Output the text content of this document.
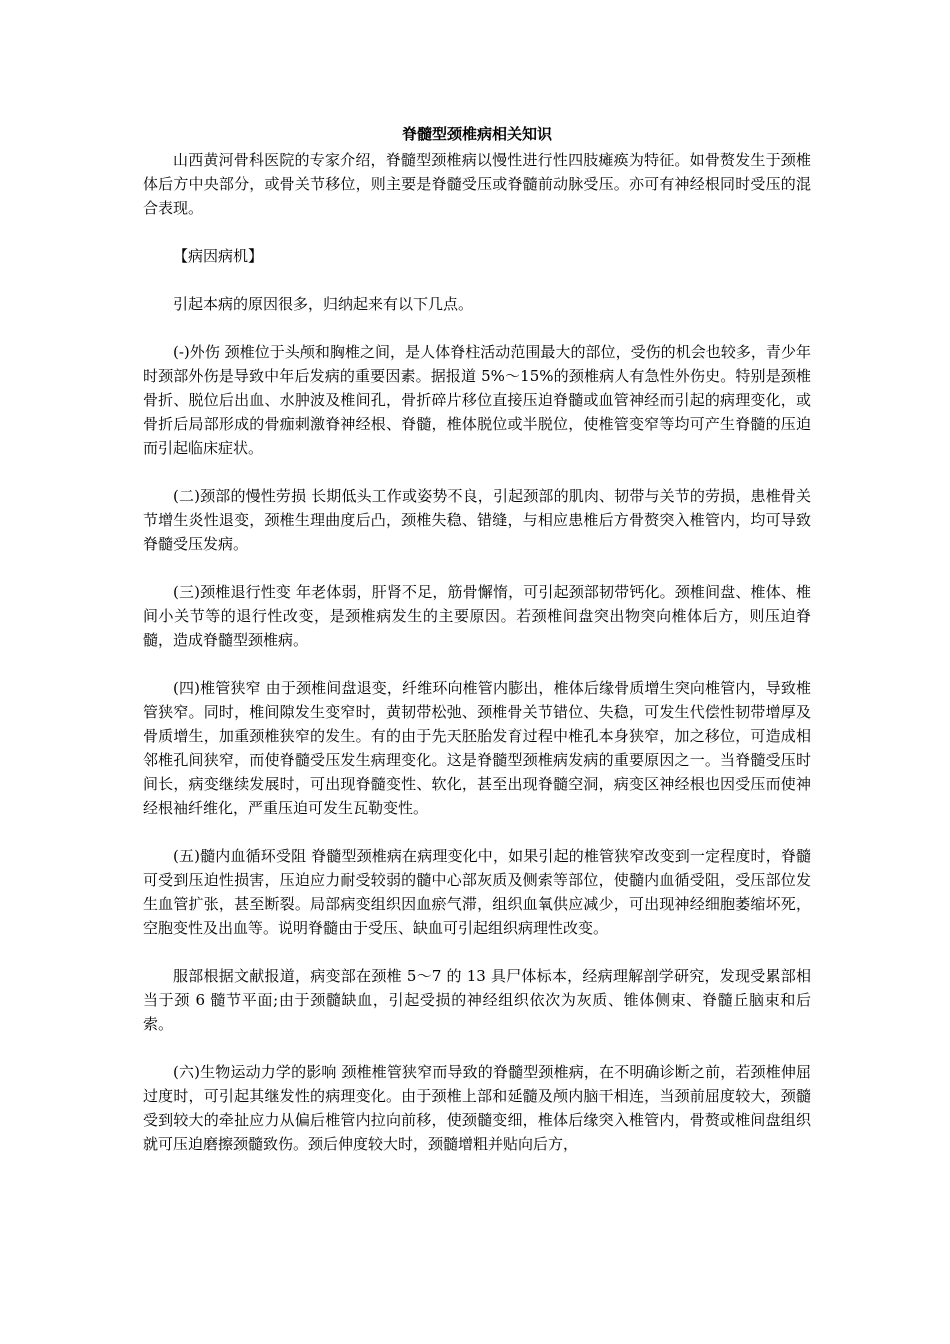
脊髓型颈椎病相关知识

山西黄河骨科医院的专家介绍，脊髓型颈椎病以慢性进行性四肢瘫痪为特征。如骨赘发生于颈椎体后方中央部分，或骨关节移位，则主要是脊髓受压或脊髓前动脉受压。亦可有神经根同时受压的混合表现。

【病因病机】

引起本病的原因很多，归纳起来有以下几点。

(-)外伤 颈椎位于头颅和胸椎之间，是人体脊柱活动范围最大的部位，受伤的机会也较多，青少年时颈部外伤是导致中年后发病的重要因素。据报道 5%～15%的颈椎病人有急性外伤史。特别是颈椎骨折、脱位后出血、水肿波及椎间孔，骨折碎片移位直接压迫脊髓或血管神经而引起的病理变化，或骨折后局部形成的骨痂刺激脊神经根、脊髓，椎体脱位或半脱位，使椎管变窄等均可产生脊髓的压迫而引起临床症状。

(二)颈部的慢性劳损 长期低头工作或姿势不良，引起颈部的肌肉、韧带与关节的劳损，患椎骨关节增生炎性退变，颈椎生理曲度后凸，颈椎失稳、错缝，与相应患椎后方骨赘突入椎管内，均可导致脊髓受压发病。

(三)颈椎退行性变 年老体弱，肝肾不足，筋骨懈惰，可引起颈部韧带钙化。颈椎间盘、椎体、椎间小关节等的退行性改变，是颈椎病发生的主要原因。若颈椎间盘突出物突向椎体后方，则压迫脊髓，造成脊髓型颈椎病。

(四)椎管狭窄 由于颈椎间盘退变，纤维环向椎管内膨出，椎体后缘骨质增生突向椎管内，导致椎管狭窄。同时，椎间隙发生变窄时，黄韧带松弛、颈椎骨关节错位、失稳，可发生代偿性韧带增厚及骨质增生，加重颈椎狭窄的发生。有的由于先天胚胎发育过程中椎孔本身狭窄，加之移位，可造成相邻椎孔间狭窄，而使脊髓受压发生病理变化。这是脊髓型颈椎病发病的重要原因之一。当脊髓受压时间长，病变继续发展时，可出现脊髓变性、软化，甚至出现脊髓空洞，病变区神经根也因受压而使神经根袖纤维化，严重压迫可发生瓦勒变性。

(五)髓内血循环受阻 脊髓型颈椎病在病理变化中，如果引起的椎管狭窄改变到一定程度时，脊髓可受到压迫性损害，压迫应力耐受较弱的髓中心部灰质及侧索等部位，使髓内血循受阻，受压部位发生血管扩张，甚至断裂。局部病变组织因血瘀气滞，组织血氧供应减少，可出现神经细胞萎缩坏死，空胞变性及出血等。说明脊髓由于受压、缺血可引起组织病理性改变。

服部根据文献报道，病变部在颈椎 5～7 的 13 具尸体标本，经病理解剖学研究，发现受累部相当于颈 6 髓节平面;由于颈髓缺血，引起受损的神经组织依次为灰质、锥体侧束、脊髓丘脑束和后索。

(六)生物运动力学的影响 颈椎椎管狭窄而导致的脊髓型颈椎病，在不明确诊断之前，若颈椎伸屈过度时，可引起其继发性的病理变化。由于颈椎上部和延髓及颅内脑干相连，当颈前屈度较大，颈髓受到较大的牵扯应力从偏后椎管内拉向前移，使颈髓变细，椎体后缘突入椎管内，骨赘或椎间盘组织就可压迫磨擦颈髓致伤。颈后伸度较大时，颈髓增粗并贴向后方，
